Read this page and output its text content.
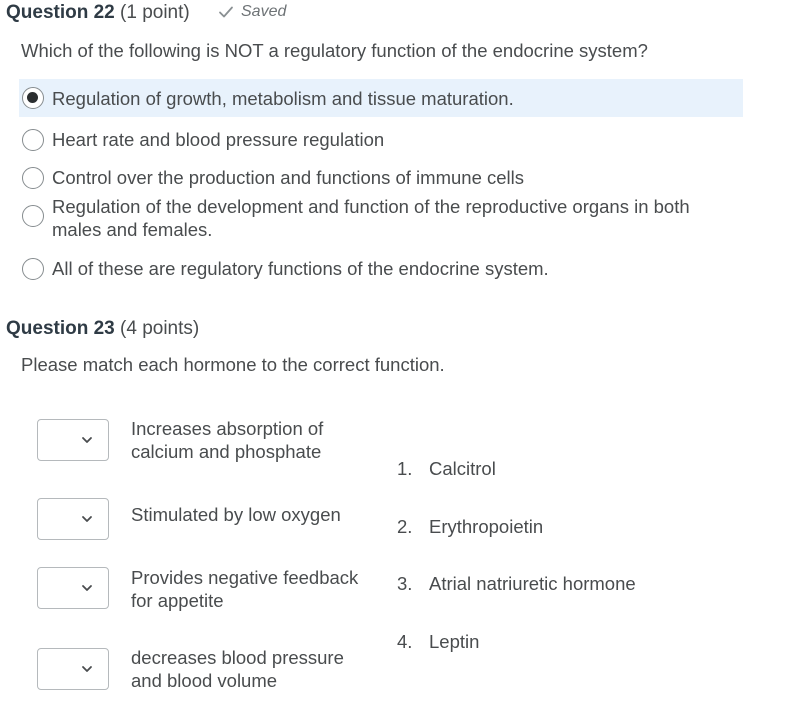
Question 22 (1 point)	Saved
Which of the following is NOT a regulatory function of the endocrine system?
Regulation of growth, metabolism and tissue maturation.
Heart rate and blood pressure regulation
Control over the production and functions of immune cells
Regulation of the development and function of the reproductive organs in both males and females.
All of these are regulatory functions of the endocrine system.
Question 23 (4 points)
Please match each hormone to the correct function.
Increases absorption of calcium and phosphate
Stimulated by low oxygen
Provides negative feedback for appetite
decreases blood pressure and blood volume
1. Calcitrol
2. Erythropoietin
3. Atrial natriuretic hormone
4. Leptin
